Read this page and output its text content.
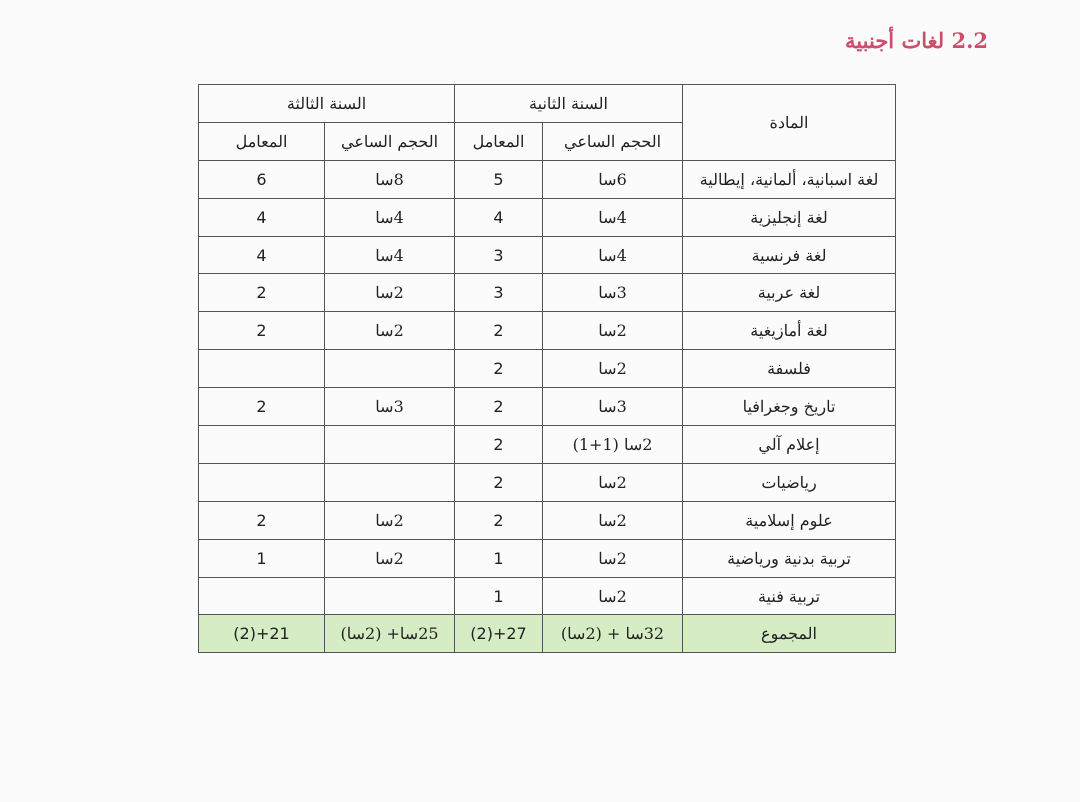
2.2 لغات أجنبية
المادة	السنة الثانية		السنة الثالثة	
	الحجم الساعي	المعامل	الحجم الساعي	المعامل
لغة اسبانية، ألمانية، إيطالية	6سا	5	8سا	6
لغة إنجليزية	4سا	4	4سا	4
لغة فرنسية	4سا	3	4سا	4
لغة عربية	3سا	3	2سا	2
لغة أمازيغية	2سا	2	2سا	2
فلسفة	2سا	2		
تاريخ وجغرافيا	3سا	2	3سا	2
إعلام آلي	2سا (1+1)	2		
رياضيات	2سا	2		
علوم إسلامية	2سا	2	2سا	2
تربية بدنية ورياضية	2سا	1	2سا	1
تربية فنية	2سا	1		
المجموع	32سا + (2سا)	27+(2)	25سا+ (2سا)	21+(2)
